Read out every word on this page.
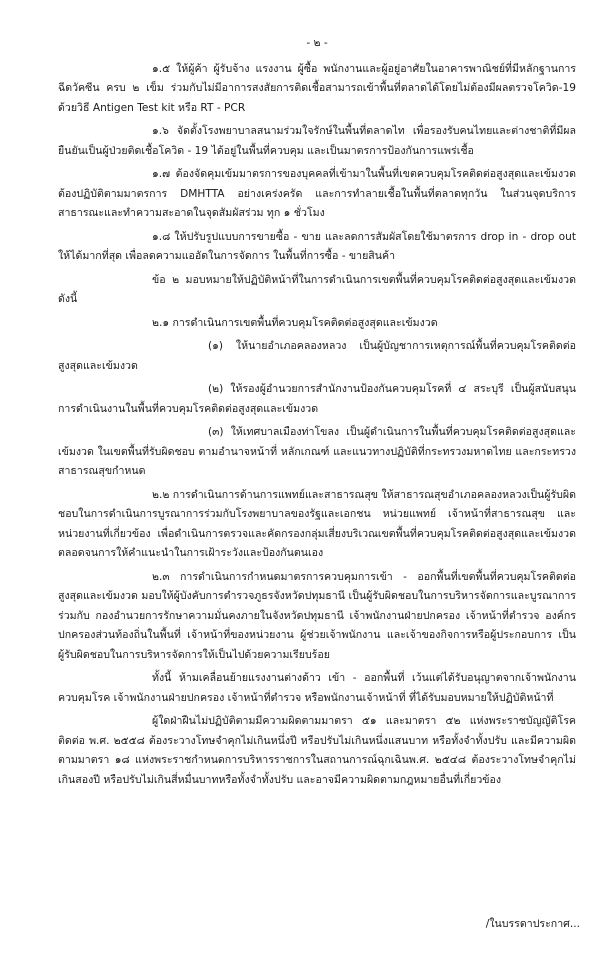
- ๒ -

๑.๕ ให้ผู้ค้า ผู้รับจ้าง แรงงาน ผู้ซื้อ พนักงานและผู้อยู่อาศัยในอาคารพาณิชย์ที่มีหลักฐานการฉีดวัคซีน ครบ ๒ เข็ม ร่วมกับไม่มีอาการสงสัยการติดเชื้อสามารถเข้าพื้นที่ตลาดได้โดยไม่ต้องมีผลตรวจโควิด-19 ด้วยวิธี Antigen Test kit หรือ RT - PCR

๑.๖ จัดตั้งโรงพยาบาลสนามร่วมใจรักษ์ในพื้นที่ตลาดไท เพื่อรองรับคนไทยและต่างชาติที่มีผลยืนยันเป็นผู้ป่วยติดเชื้อโควิด - 19 ได้อยู่ในพื้นที่ควบคุม และเป็นมาตรการป้องกันการแพร่เชื้อ

๑.๗ ต้องจัดคุมเข้มมาตรการของบุคคลที่เข้ามาในพื้นที่เขตควบคุมโรคติดต่อสูงสุดและเข้มงวด ต้องปฏิบัติตามมาตรการ DMHTTA อย่างเคร่งครัด และการทำลายเชื้อในพื้นที่ตลาดทุกวัน ในส่วนจุดบริการสาธารณะและทำความสะอาดในจุดสัมผัสร่วม ทุก ๑ ชั่วโมง

๑.๘ ให้ปรับรูปแบบการขายซื้อ - ขาย และลดการสัมผัสโดยใช้มาตรการ drop in - drop out ให้ได้มากที่สุด เพื่อลดความแออัดในการจัดการ ในพื้นที่การซื้อ - ขายสินค้า

ข้อ ๒ มอบหมายให้ปฏิบัติหน้าที่ในการดำเนินการเขตพื้นที่ควบคุมโรคติดต่อสูงสุดและเข้มงวดดังนี้

๒.๑ การดำเนินการเขตพื้นที่ควบคุมโรคติดต่อสูงสุดและเข้มงวด

(๑) ให้นายอำเภอคลองหลวง เป็นผู้บัญชาการเหตุการณ์พื้นที่ควบคุมโรคติดต่อสูงสุดและเข้มงวด

(๒) ให้รองผู้อำนวยการสำนักงานป้องกันควบคุมโรคที่ ๔ สระบุรี เป็นผู้สนับสนุนการดำเนินงานในพื้นที่ควบคุมโรคติดต่อสูงสุดและเข้มงวด

(๓) ให้เทศบาลเมืองท่าโขลง เป็นผู้ดำเนินการในพื้นที่ควบคุมโรคติดต่อสูงสุดและเข้มงวด ในเขตพื้นที่รับผิดชอบ ตามอำนาจหน้าที่ หลักเกณฑ์ และแนวทางปฏิบัติที่กระทรวงมหาดไทย และกระทรวงสาธารณสุขกำหนด

๒.๒ การดำเนินการด้านการแพทย์และสาธารณสุข ให้สาธารณสุขอำเภอคลองหลวงเป็นผู้รับผิดชอบในการดำเนินการบูรณาการร่วมกับโรงพยาบาลของรัฐและเอกชน หน่วยแพทย์ เจ้าหน้าที่สาธารณสุข และหน่วยงานที่เกี่ยวข้อง เพื่อดำเนินการตรวจและคัดกรองกลุ่มเสี่ยงบริเวณเขตพื้นที่ควบคุมโรคติดต่อสูงสุดและเข้มงวด ตลอดจนการให้คำแนะนำในการเฝ้าระวังและป้องกันตนเอง

๒.๓ การดำเนินการกำหนดมาตรการควบคุมการเข้า - ออกพื้นที่เขตพื้นที่ควบคุมโรคติดต่อสูงสุดและเข้มงวด มอบให้ผู้บังคับการตำรวจภูธรจังหวัดปทุมธานี เป็นผู้รับผิดชอบในการบริหารจัดการและบูรณาการร่วมกับ กองอำนวยการรักษาความมั่นคงภายในจังหวัดปทุมธานี เจ้าพนักงานฝ่ายปกครอง เจ้าหน้าที่ตำรวจ องค์กรปกครองส่วนท้องถิ่นในพื้นที่ เจ้าหน้าที่ของหน่วยงาน ผู้ช่วยเจ้าพนักงาน และเจ้าของกิจการหรือผู้ประกอบการ เป็นผู้รับผิดชอบในการบริหารจัดการให้เป็นไปด้วยความเรียบร้อย

ทั้งนี้ ห้ามเคลื่อนย้ายแรงงานต่างด้าว เข้า - ออกพื้นที่ เว้นแต่ได้รับอนุญาตจากเจ้าพนักงานควบคุมโรค เจ้าพนักงานฝ่ายปกครอง เจ้าหน้าที่ตำรวจ หรือพนักงานเจ้าหน้าที่ ที่ได้รับมอบหมายให้ปฏิบัติหน้าที่

ผู้ใดฝ่าฝืนไม่ปฏิบัติตามมีความผิดตามมาตรา ๕๑ และมาตรา ๕๒ แห่งพระราชบัญญัติโรคติดต่อ พ.ศ. ๒๕๕๘ ต้องระวางโทษจำคุกไม่เกินหนึ่งปี หรือปรับไม่เกินหนึ่งแสนบาท หรือทั้งจำทั้งปรับ และมีความผิดตามมาตรา ๑๘ แห่งพระราชกำหนดการบริหารราชการในสถานการณ์ฉุกเฉินพ.ศ. ๒๕๔๘ ต้องระวางโทษจำคุกไม่เกินสองปี หรือปรับไม่เกินสี่หมื่นบาทหรือทั้งจำทั้งปรับ และอาจมีความผิดตามกฎหมายอื่นที่เกี่ยวข้อง

/ในบรรดาประกาศ...
